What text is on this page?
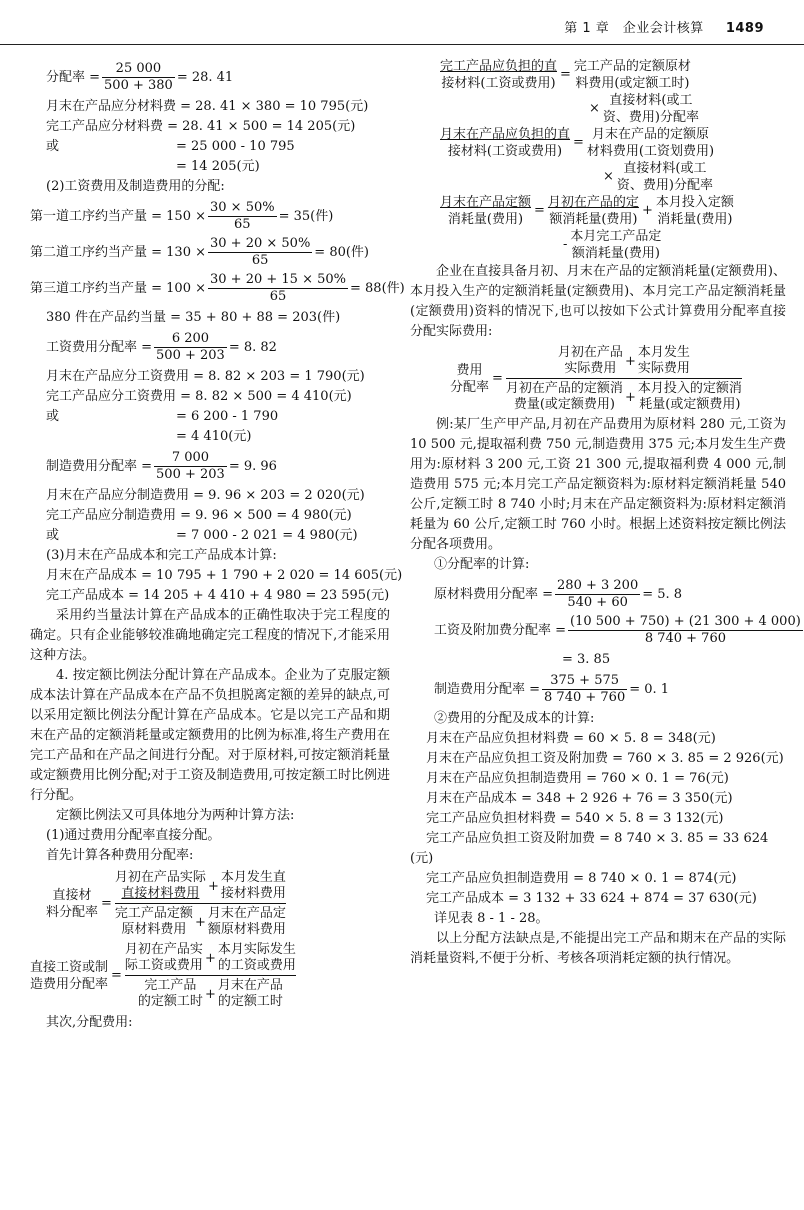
第 1 章　企业会计核算 1489
分配率 = $\frac{25 000}{500 + 380} = 28$. 41
月末在产品应分材料费 = 28. 41 × 380 = 10 795(元)
完工产品应分材料费 = 28. 41 × 500 = 14 205(元)
或	= 25 000 - 10 795
= 14 205(元)
(2)工资费用及制造费用的分配:
第一道工序约当产量 = $150 \times \frac{30 \times 50\%}{65} = 35$(件)
第二道工序约当产量 = $130 \times \frac{30 + 20 \times 50\%}{65} = 80$(件)
第三道工序约当产量 = $100 \times \frac{30 + 20 + 15 \times 50\%}{65} = 88$(件)
380 件在产品约当量 = 35 + 80 + 88 = 203(件)
工资费用分配率 = $\frac{6 200}{500 + 203} = 8$. 82
月末在产品应分工资费用 = 8. 82 × 203 = 1 790(元)
完工产品应分工资费用 = 8. 82 × 500 = 4 410(元)
或	= 6 200 - 1 790
= 4 410(元)
制造费用分配率 = $\frac{7 000}{500 + 203} = 9$. 96
月末在产品应分制造费用 = 9. 96 × 203 = 2 020(元)
完工产品应分制造费用 = 9. 96 × 500 = 4 980(元)
或	= 7 000 - 2 021 = 4 980(元)
(3)月末在产品成本和完工产品成本计算:
月末在产品成本 = 10 795 + 1 790 + 2 020 = 14 605(元)
完工产品成本 = 14 205 + 4 410 + 4 980 = 23 595(元)
采用约当量法计算在产品成本的正确性取决于完工程度的确定。只有企业能够较准确地确定完工程度的情况下,才能采用这种方法。
4. 按定额比例法分配计算在产品成本。企业为了克服定额成本法计算在产品成本在产品不负担脱离定额的差异的缺点,可以采用定额比例法分配计算在产品成本。它是以完工产品和期末在产品的定额消耗量或定额费用的比例为标准,将生产费用在完工产品和在产品之间进行分配。对于原材料,可按定额消耗量或定额费用比例分配;对于工资及制造费用,可按定额工时比例进行分配。
定额比例法又可具体地分为两种计算方法:
(1)通过费用分配率直接分配。
首先计算各种费用分配率:
直接材
料分配率
=
月初在产品实际
直接材料费用 +
本月发生直
接材料费用
完工产品定额
原材料费用 +
月末在产品定
额原材料费用
直接工资或制
造费用分配率
=
月初在产品实
际工资或费用 +
本月实际发生
的工资或费用
完工产品
的定额工时 +
月末在产品
的定额工时
其次,分配费用:
完工产品应负担的直
接材料(工资或费用)
=
完工产品的定额原材
料费用(或定额工时)
×
直接材料(或工
资、费用)分配率
月末在产品应负担的直
接材料(工资或费用)
=
月末在产品的定额原
材料费用(工资划费用)
×
直接材料(或工
资、费用)分配率
月末在产品定额
消耗量(费用)
=
月初在产品的定
额消耗量(费用)
+
本月投入定额
消耗量(费用)
-
本月完工产品定
额消耗量(费用)
企业在直接具备月初、月末在产品的定额消耗量(定额费用)、本月投入生产的定额消耗量(定额费用)、本月完工产品定额消耗量(定额费用)资料的情况下,也可以按如下公式计算费用分配率直接分配实际费用:
费用
分配率
=
月初在产品
实际费用 +
本月发生
实际费用
月初在产品的定额消
费量(或定额费用) +
本月投入的定额消
耗量(或定额费用)
例:某厂生产甲产品,月初在产品费用为原材料 280 元,工资为 10 500 元,提取福利费 750 元,制造费用 375 元;本月发生生产费用为:原材料 3 200 元,工资 21 300 元,提取福利费 4 000 元,制造费用 575 元;本月完工产品定额资料为:原材料定额消耗量 540 公斤,定额工时 8 740 小时;月末在产品定额资料为:原材料定额消耗量为 60 公斤,定额工时 760 小时。根据上述资料按定额比例法分配各项费用。
①分配率的计算:
原材料费用分配率 = $\frac{280 + 3 200}{540 + 60} = 5$. 8
工资及附加费分配率 = $\frac{(10 500 + 750) + (21 300 + 4 000)}{8 740 + 760}$
= 3. 85
制造费用分配率 = $\frac{375 + 575}{8 740 + 760} = 0$. 1
②费用的分配及成本的计算:
月末在产品应负担材料费 = 60 × 5. 8 = 348(元)
月末在产品应负担工资及附加费 = 760 × 3. 85 = 2 926(元)
月末在产品应负担制造费用 = 760 × 0. 1 = 76(元)
月末在产品成本 = 348 + 2 926 + 76 = 3 350(元)
完工产品应负担材料费 = 540 × 5. 8 = 3 132(元)
完工产品应负担工资及附加费 = 8 740 × 3. 85 = 33 624
(元)
完工产品应负担制造费用 = 8 740 × 0. 1 = 874(元)
完工产品成本 = 3 132 + 33 624 + 874 = 37 630(元)
详见表 8 - 1 - 28。
以上分配方法缺点是,不能提出完工产品和期末在产品的实际消耗量资料,不便于分析、考核各项消耗定额的执行情况。
